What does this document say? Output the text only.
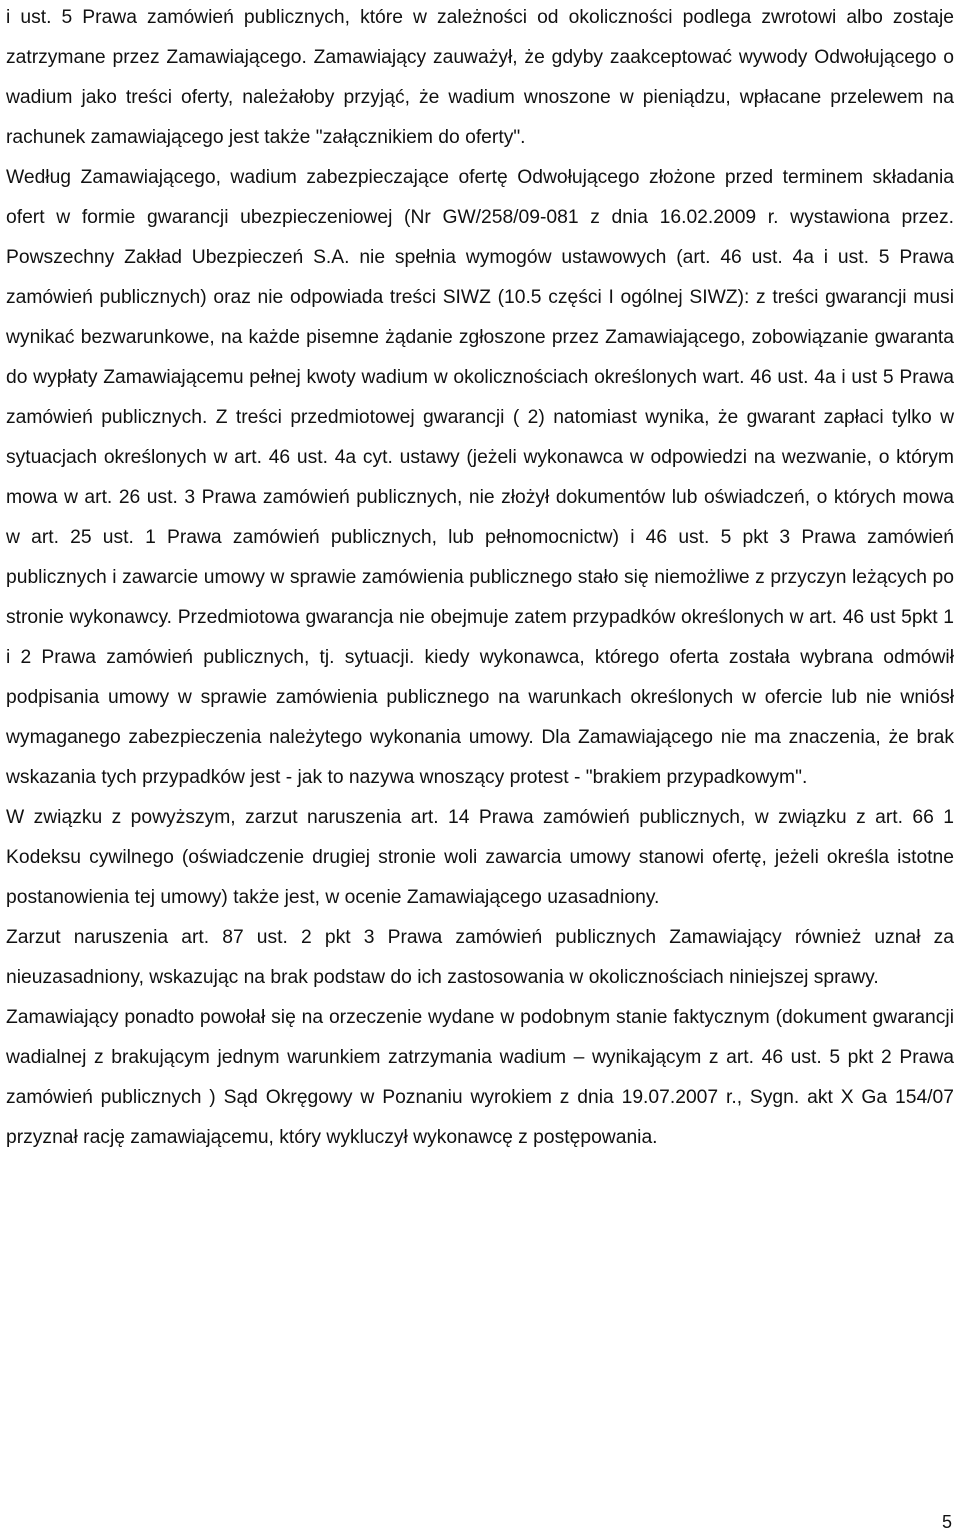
i ust. 5 Prawa zamówień publicznych, które w zależności od okoliczności podlega zwrotowi albo zostaje zatrzymane przez Zamawiającego. Zamawiający zauważył, że gdyby zaakceptować wywody Odwołującego o wadium jako treści oferty, należałoby przyjąć, że wadium wnoszone w pieniądzu, wpłacane przelewem na rachunek zamawiającego jest także "załącznikiem do oferty".

Według Zamawiającego, wadium zabezpieczające ofertę Odwołującego złożone przed terminem składania ofert w formie gwarancji ubezpieczeniowej (Nr GW/258/09-081 z dnia 16.02.2009 r. wystawiona przez. Powszechny Zakład Ubezpieczeń S.A. nie spełnia wymogów ustawowych (art. 46 ust. 4a i ust. 5 Prawa zamówień publicznych) oraz nie odpowiada treści SIWZ (10.5 części I ogólnej SIWZ): z treści gwarancji musi wynikać bezwarunkowe, na każde pisemne żądanie zgłoszone przez Zamawiającego, zobowiązanie gwaranta do wypłaty Zamawiającemu pełnej kwoty wadium w okolicznościach określonych wart. 46 ust. 4a i ust 5 Prawa zamówień publicznych. Z treści przedmiotowej gwarancji ( 2) natomiast wynika, że gwarant zapłaci tylko w sytuacjach określonych w art. 46 ust. 4a cyt. ustawy (jeżeli wykonawca w odpowiedzi na wezwanie, o którym mowa w art. 26 ust. 3 Prawa zamówień publicznych, nie złożył dokumentów lub oświadczeń, o których mowa w art. 25 ust. 1 Prawa zamówień publicznych, lub pełnomocnictw) i 46 ust. 5 pkt 3 Prawa zamówień publicznych i zawarcie umowy w sprawie zamówienia publicznego stało się niemożliwe z przyczyn leżących po stronie wykonawcy. Przedmiotowa gwarancja nie obejmuje zatem przypadków określonych w art. 46 ust 5pkt 1 i 2 Prawa zamówień publicznych, tj. sytuacji. kiedy wykonawca, którego oferta została wybrana odmówił podpisania umowy w sprawie zamówienia publicznego na warunkach określonych w ofercie lub nie wniósł wymaganego zabezpieczenia należytego wykonania umowy. Dla Zamawiającego nie ma znaczenia, że brak wskazania tych przypadków jest - jak to nazywa wnoszący protest - "brakiem przypadkowym".

W związku z powyższym, zarzut naruszenia art. 14 Prawa zamówień publicznych, w związku z art. 66 1 Kodeksu cywilnego (oświadczenie drugiej stronie woli zawarcia umowy stanowi ofertę, jeżeli określa istotne postanowienia tej umowy) także jest, w ocenie Zamawiającego uzasadniony.

Zarzut naruszenia art. 87 ust. 2 pkt 3 Prawa zamówień publicznych Zamawiający również uznał za nieuzasadniony, wskazując na brak podstaw do ich zastosowania w okolicznościach niniejszej sprawy.

Zamawiający ponadto powołał się na orzeczenie wydane w podobnym stanie faktycznym (dokument gwarancji wadialnej z brakującym jednym warunkiem zatrzymania wadium – wynikającym z art. 46 ust. 5 pkt 2 Prawa zamówień publicznych ) Sąd Okręgowy w Poznaniu wyrokiem z dnia 19.07.2007 r., Sygn. akt X Ga 154/07 przyznał rację zamawiającemu, który wykluczył wykonawcę z postępowania.

5
